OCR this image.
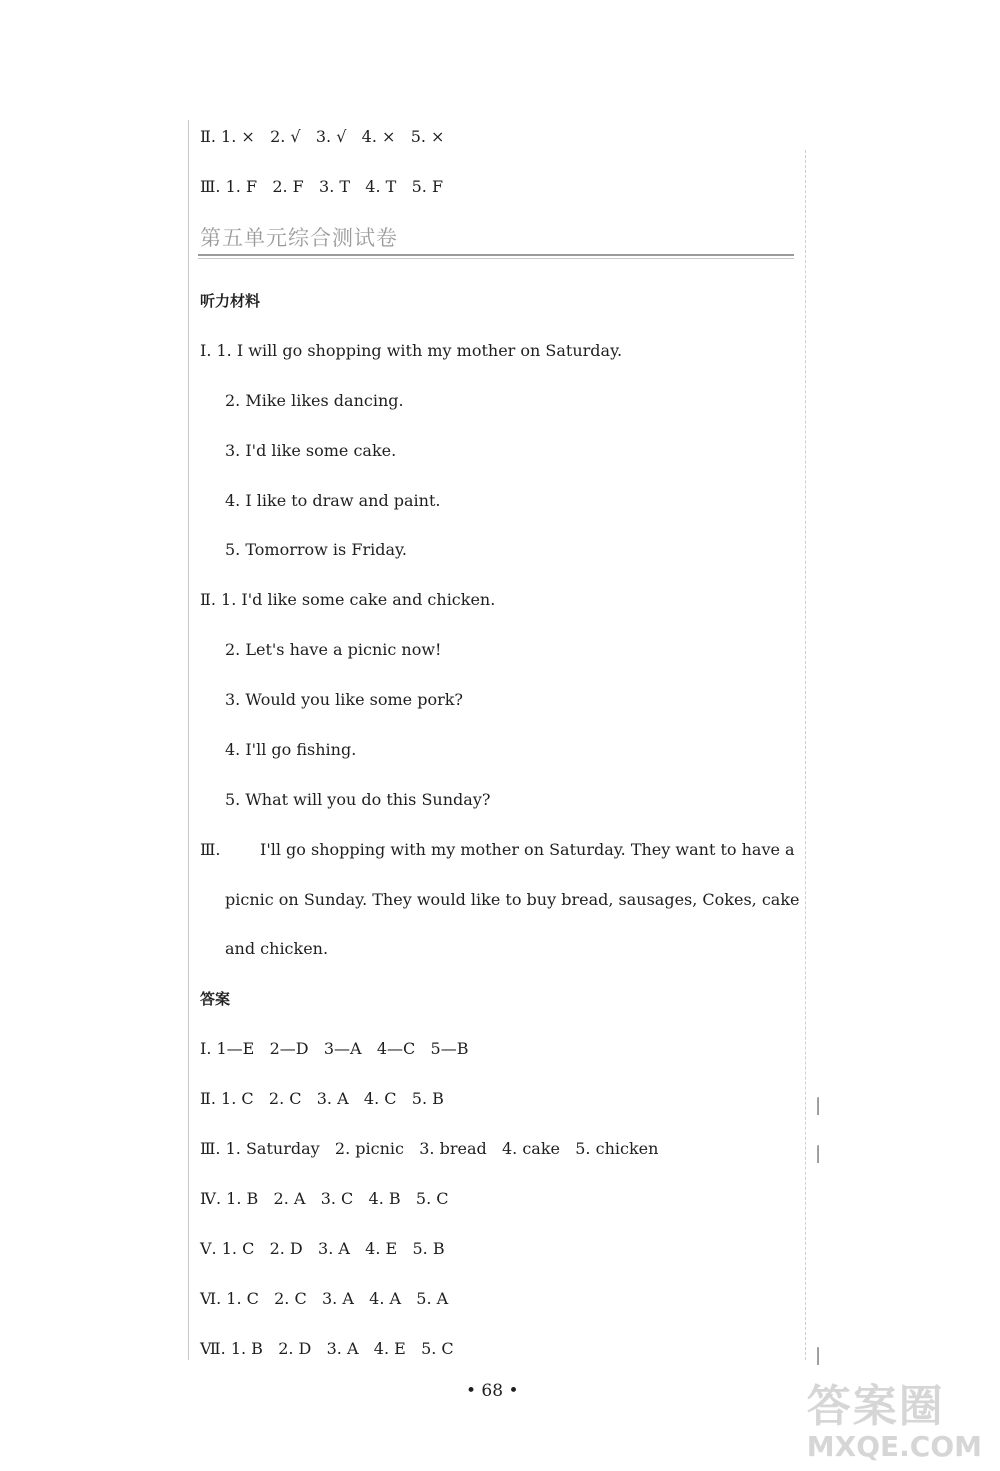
Ⅱ. 1. ×   2. √   3. √   4. ×   5. ×
Ⅲ. 1. F   2. F   3. T   4. T   5. F
第五单元综合测试卷
听力材料
Ⅰ. 1. I will go shopping with my mother on Saturday.
2. Mike likes dancing.
3. I'd like some cake.
4. I like to draw and paint.
5. Tomorrow is Friday.
Ⅱ. 1. I'd like some cake and chicken.
2. Let's have a picnic now!
3. Would you like some pork?
4. I'll go fishing.
5. What will you do this Sunday?
Ⅲ. I'll go shopping with my mother on Saturday. They want to have a
picnic on Sunday. They would like to buy bread, sausages, Cokes, cake
and chicken.
答案
Ⅰ. 1—E   2—D   3—A   4—C   5—B
Ⅱ. 1. C   2. C   3. A   4. C   5. B
Ⅲ. 1. Saturday   2. picnic   3. bread   4. cake   5. chicken
Ⅳ. 1. B   2. A   3. C   4. B   5. C
Ⅴ. 1. C   2. D   3. A   4. E   5. B
Ⅵ. 1. C   2. C   3. A   4. A   5. A
Ⅶ. 1. B   2. D   3. A   4. E   5. C
|
|
|
• 68 •	答案圈
MXQE.COM
